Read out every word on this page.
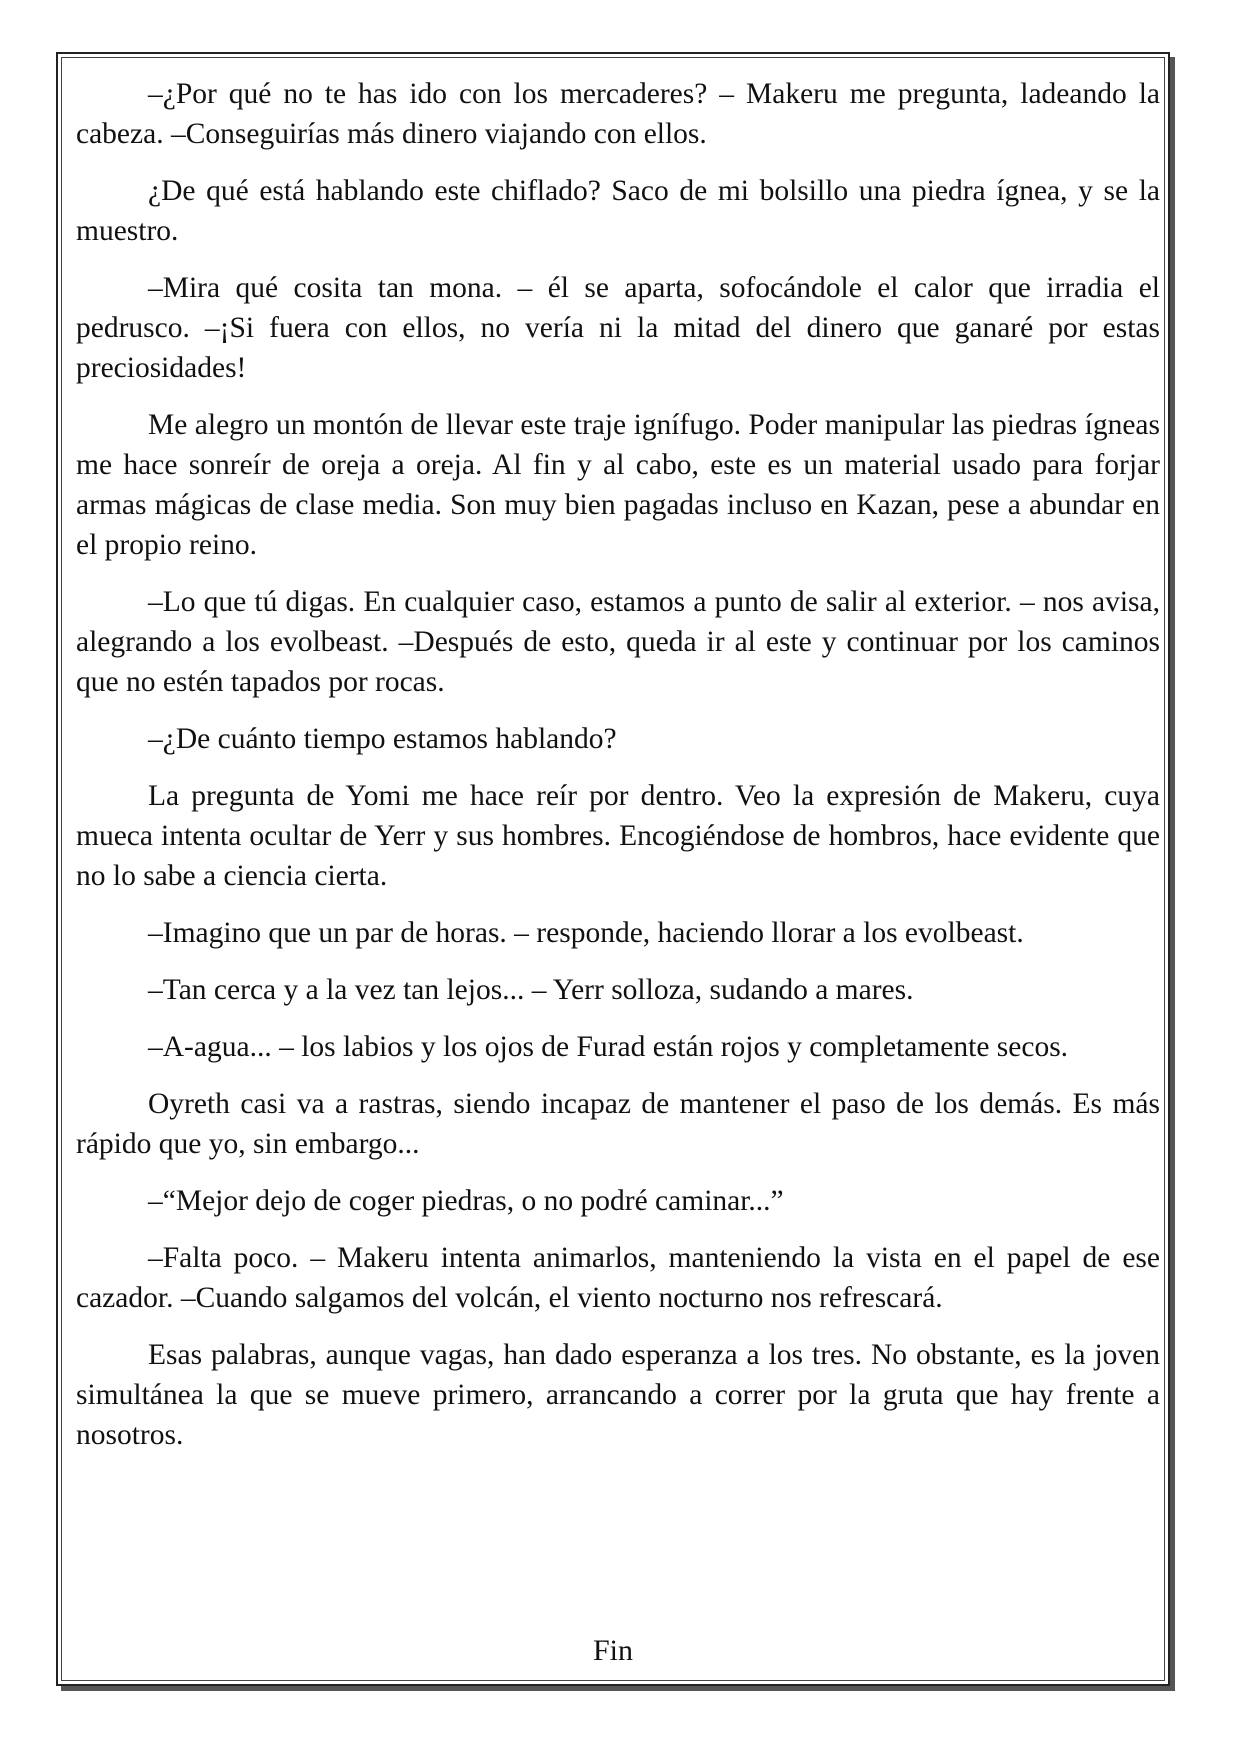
–¿Por qué no te has ido con los mercaderes? – Makeru me pregunta, ladeando la cabeza. –Conseguirías más dinero viajando con ellos.

¿De qué está hablando este chiflado? Saco de mi bolsillo una piedra ígnea, y se la muestro.

–Mira qué cosita tan mona. – él se aparta, sofocándole el calor que irradia el pedrusco. –¡Si fuera con ellos, no vería ni la mitad del dinero que ganaré por estas preciosidades!

Me alegro un montón de llevar este traje ignífugo. Poder manipular las piedras ígneas me hace sonreír de oreja a oreja. Al fin y al cabo, este es un material usado para forjar armas mágicas de clase media. Son muy bien pagadas incluso en Kazan, pese a abundar en el propio reino.

–Lo que tú digas. En cualquier caso, estamos a punto de salir al exterior. – nos avisa, alegrando a los evolbeast. –Después de esto, queda ir al este y continuar por los caminos que no estén tapados por rocas.

–¿De cuánto tiempo estamos hablando?

La pregunta de Yomi me hace reír por dentro. Veo la expresión de Makeru, cuya mueca intenta ocultar de Yerr y sus hombres. Encogiéndose de hombros, hace evidente que no lo sabe a ciencia cierta.

–Imagino que un par de horas. – responde, haciendo llorar a los evolbeast.

–Tan cerca y a la vez tan lejos... – Yerr solloza, sudando a mares.

–A-agua... – los labios y los ojos de Furad están rojos y completamente secos.

Oyreth casi va a rastras, siendo incapaz de mantener el paso de los demás. Es más rápido que yo, sin embargo...

–“Mejor dejo de coger piedras, o no podré caminar...”

–Falta poco. – Makeru intenta animarlos, manteniendo la vista en el papel de ese cazador. –Cuando salgamos del volcán, el viento nocturno nos refrescará.

Esas palabras, aunque vagas, han dado esperanza a los tres. No obstante, es la joven simultánea la que se mueve primero, arrancando a correr por la gruta que hay frente a nosotros.

Fin
